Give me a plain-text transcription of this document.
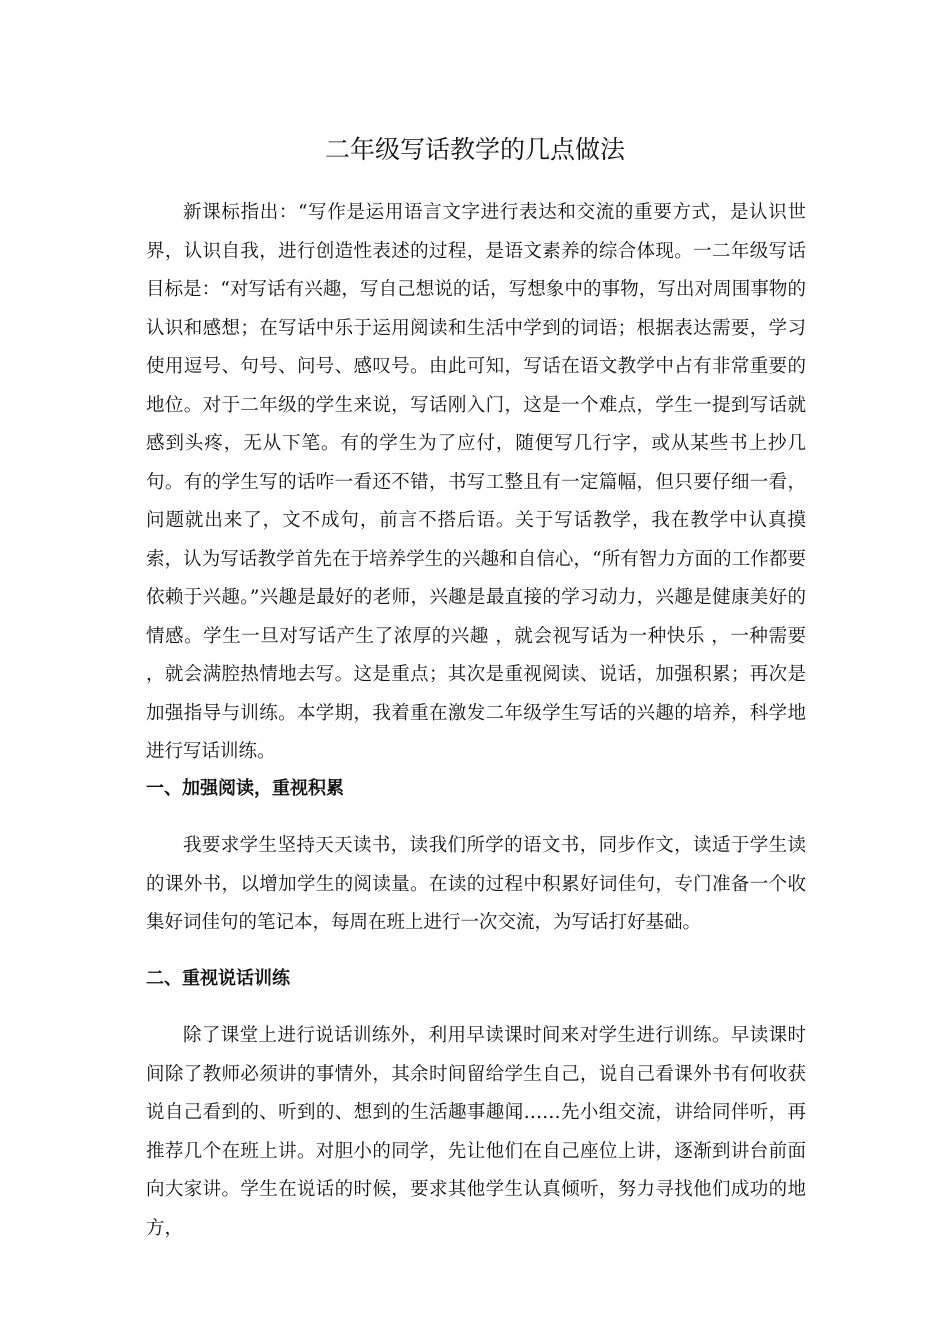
二年级写话教学的几点做法

新课标指出：“写作是运用语言文字进行表达和交流的重要方式，是认识世界，认识自我，进行创造性表述的过程，是语文素养的综合体现。一二年级写话目标是：“对写话有兴趣，写自己想说的话，写想象中的事物，写出对周围事物的认识和感想；在写话中乐于运用阅读和生活中学到的词语；根据表达需要，学习使用逗号、句号、问号、感叹号。由此可知，写话在语文教学中占有非常重要的地位。对于二年级的学生来说，写话刚入门，这是一个难点，学生一提到写话就感到头疼，无从下笔。有的学生为了应付，随便写几行字，或从某些书上抄几句。有的学生写的话咋一看还不错，书写工整且有一定篇幅，但只要仔细一看，问题就出来了，文不成句，前言不搭后语。关于写话教学，我在教学中认真摸索，认为写话教学首先在于培养学生的兴趣和自信心，“所有智力方面的工作都要依赖于兴趣。”兴趣是最好的老师，兴趣是最直接的学习动力，兴趣是健康美好的情感。学生一旦对写话产生了浓厚的兴趣 ，就会视写话为一种快乐 ，一种需要 ，就会满腔热情地去写。这是重点；其次是重视阅读、说话，加强积累；再次是加强指导与训练。本学期，我着重在激发二年级学生写话的兴趣的培养，科学地进行写话训练。

一、加强阅读，重视积累

我要求学生坚持天天读书，读我们所学的语文书，同步作文，读适于学生读的课外书，以增加学生的阅读量。在读的过程中积累好词佳句，专门准备一个收集好词佳句的笔记本，每周在班上进行一次交流，为写话打好基础。

二、重视说话训练

除了课堂上进行说话训练外，利用早读课时间来对学生进行训练。早读课时间除了教师必须讲的事情外，其余时间留给学生自己，说自己看课外书有何收获说自己看到的、听到的、想到的生活趣事趣闻……先小组交流，讲给同伴听，再推荐几个在班上讲。对胆小的同学，先让他们在自己座位上讲，逐渐到讲台前面向大家讲。学生在说话的时候，要求其他学生认真倾听，努力寻找他们成功的地方，
